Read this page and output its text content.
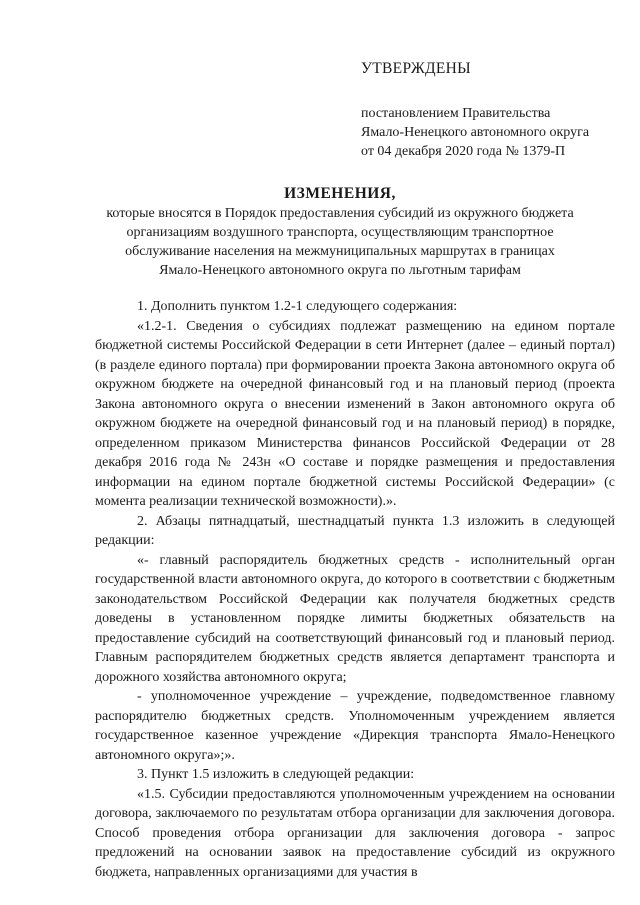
УТВЕРЖДЕНЫ
постановлением Правительства
Ямало-Ненецкого автономного округа
от 04 декабря 2020 года № 1379-П
ИЗМЕНЕНИЯ,
которые вносятся в Порядок предоставления субсидий из окружного бюджета
организациям воздушного транспорта, осуществляющим транспортное
обслуживание населения на межмуниципальных маршрутах в границах
Ямало-Ненецкого автономного округа по льготным тарифам

1. Дополнить пунктом 1.2-1 следующего содержания:

«1.2-1. Сведения о субсидиях подлежат размещению на едином портале бюджетной системы Российской Федерации в сети Интернет (далее – единый портал) (в разделе единого портала) при формировании проекта Закона автономного округа об окружном бюджете на очередной финансовый год и на плановый период (проекта Закона автономного округа о внесении изменений в Закон автономного округа об окружном бюджете на очередной финансовый год и на плановый период) в порядке, определенном приказом Министерства финансов Российской Федерации от 28 декабря 2016 года № 243н «О составе и порядке размещения и предоставления информации на едином портале бюджетной системы Российской Федерации» (с момента реализации технической возможности).».

2. Абзацы пятнадцатый, шестнадцатый пункта 1.3 изложить в следующей редакции:

«- главный распорядитель бюджетных средств - исполнительный орган государственной власти автономного округа, до которого в соответствии с бюджетным законодательством Российской Федерации как получателя бюджетных средств доведены в установленном порядке лимиты бюджетных обязательств на предоставление субсидий на соответствующий финансовый год и плановый период. Главным распорядителем бюджетных средств является департамент транспорта и дорожного хозяйства автономного округа;

- уполномоченное учреждение – учреждение, подведомственное главному распорядителю бюджетных средств. Уполномоченным учреждением является государственное казенное учреждение «Дирекция транспорта Ямало-Ненецкого автономного округа»;».

3. Пункт 1.5 изложить в следующей редакции:

«1.5. Субсидии предоставляются уполномоченным учреждением на основании договора, заключаемого по результатам отбора организации для заключения договора. Способ проведения отбора организации для заключения договора - запрос предложений на основании заявок на предоставление субсидий из окружного бюджета, направленных организациями для участия в
